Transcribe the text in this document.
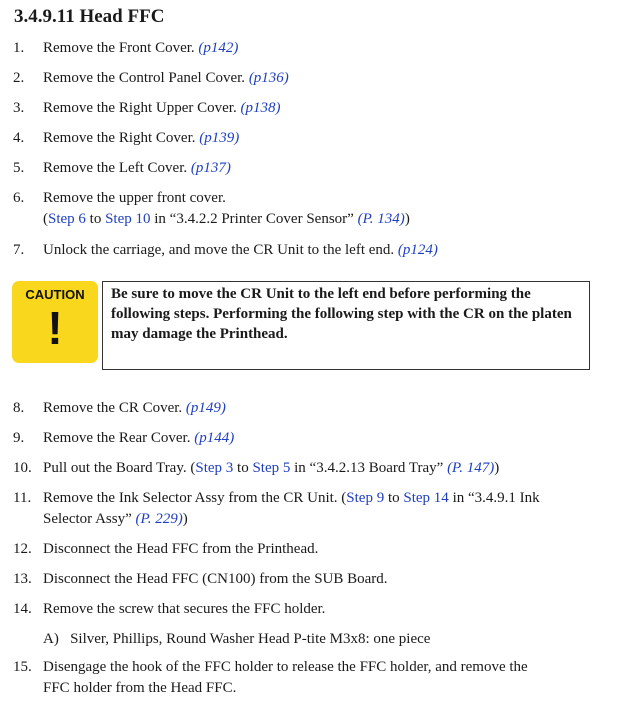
3.4.9.11 Head FFC
1. Remove the Front Cover. (p142)
2. Remove the Control Panel Cover. (p136)
3. Remove the Right Upper Cover. (p138)
4. Remove the Right Cover. (p139)
5. Remove the Left Cover. (p137)
6. Remove the upper front cover.
(Step 6 to Step 10 in “3.4.2.2 Printer Cover Sensor” (P. 134))
7. Unlock the carriage, and move the CR Unit to the left end. (p124)
CAUTION
!
Be sure to move the CR Unit to the left end before performing the following steps. Performing the following step with the CR on the platen may damage the Printhead.
8. Remove the CR Cover. (p149)
9. Remove the Rear Cover. (p144)
10. Pull out the Board Tray. (Step 3 to Step 5 in “3.4.2.13 Board Tray” (P. 147))
11. Remove the Ink Selector Assy from the CR Unit. (Step 9 to Step 14 in “3.4.9.1 Ink
Selector Assy” (P. 229))
12. Disconnect the Head FFC from the Printhead.
13. Disconnect the Head FFC (CN100) from the SUB Board.
14. Remove the screw that secures the FFC holder.
A)   Silver, Phillips, Round Washer Head P-tite M3x8: one piece
15. Disengage the hook of the FFC holder to release the FFC holder, and remove the
FFC holder from the Head FFC.
